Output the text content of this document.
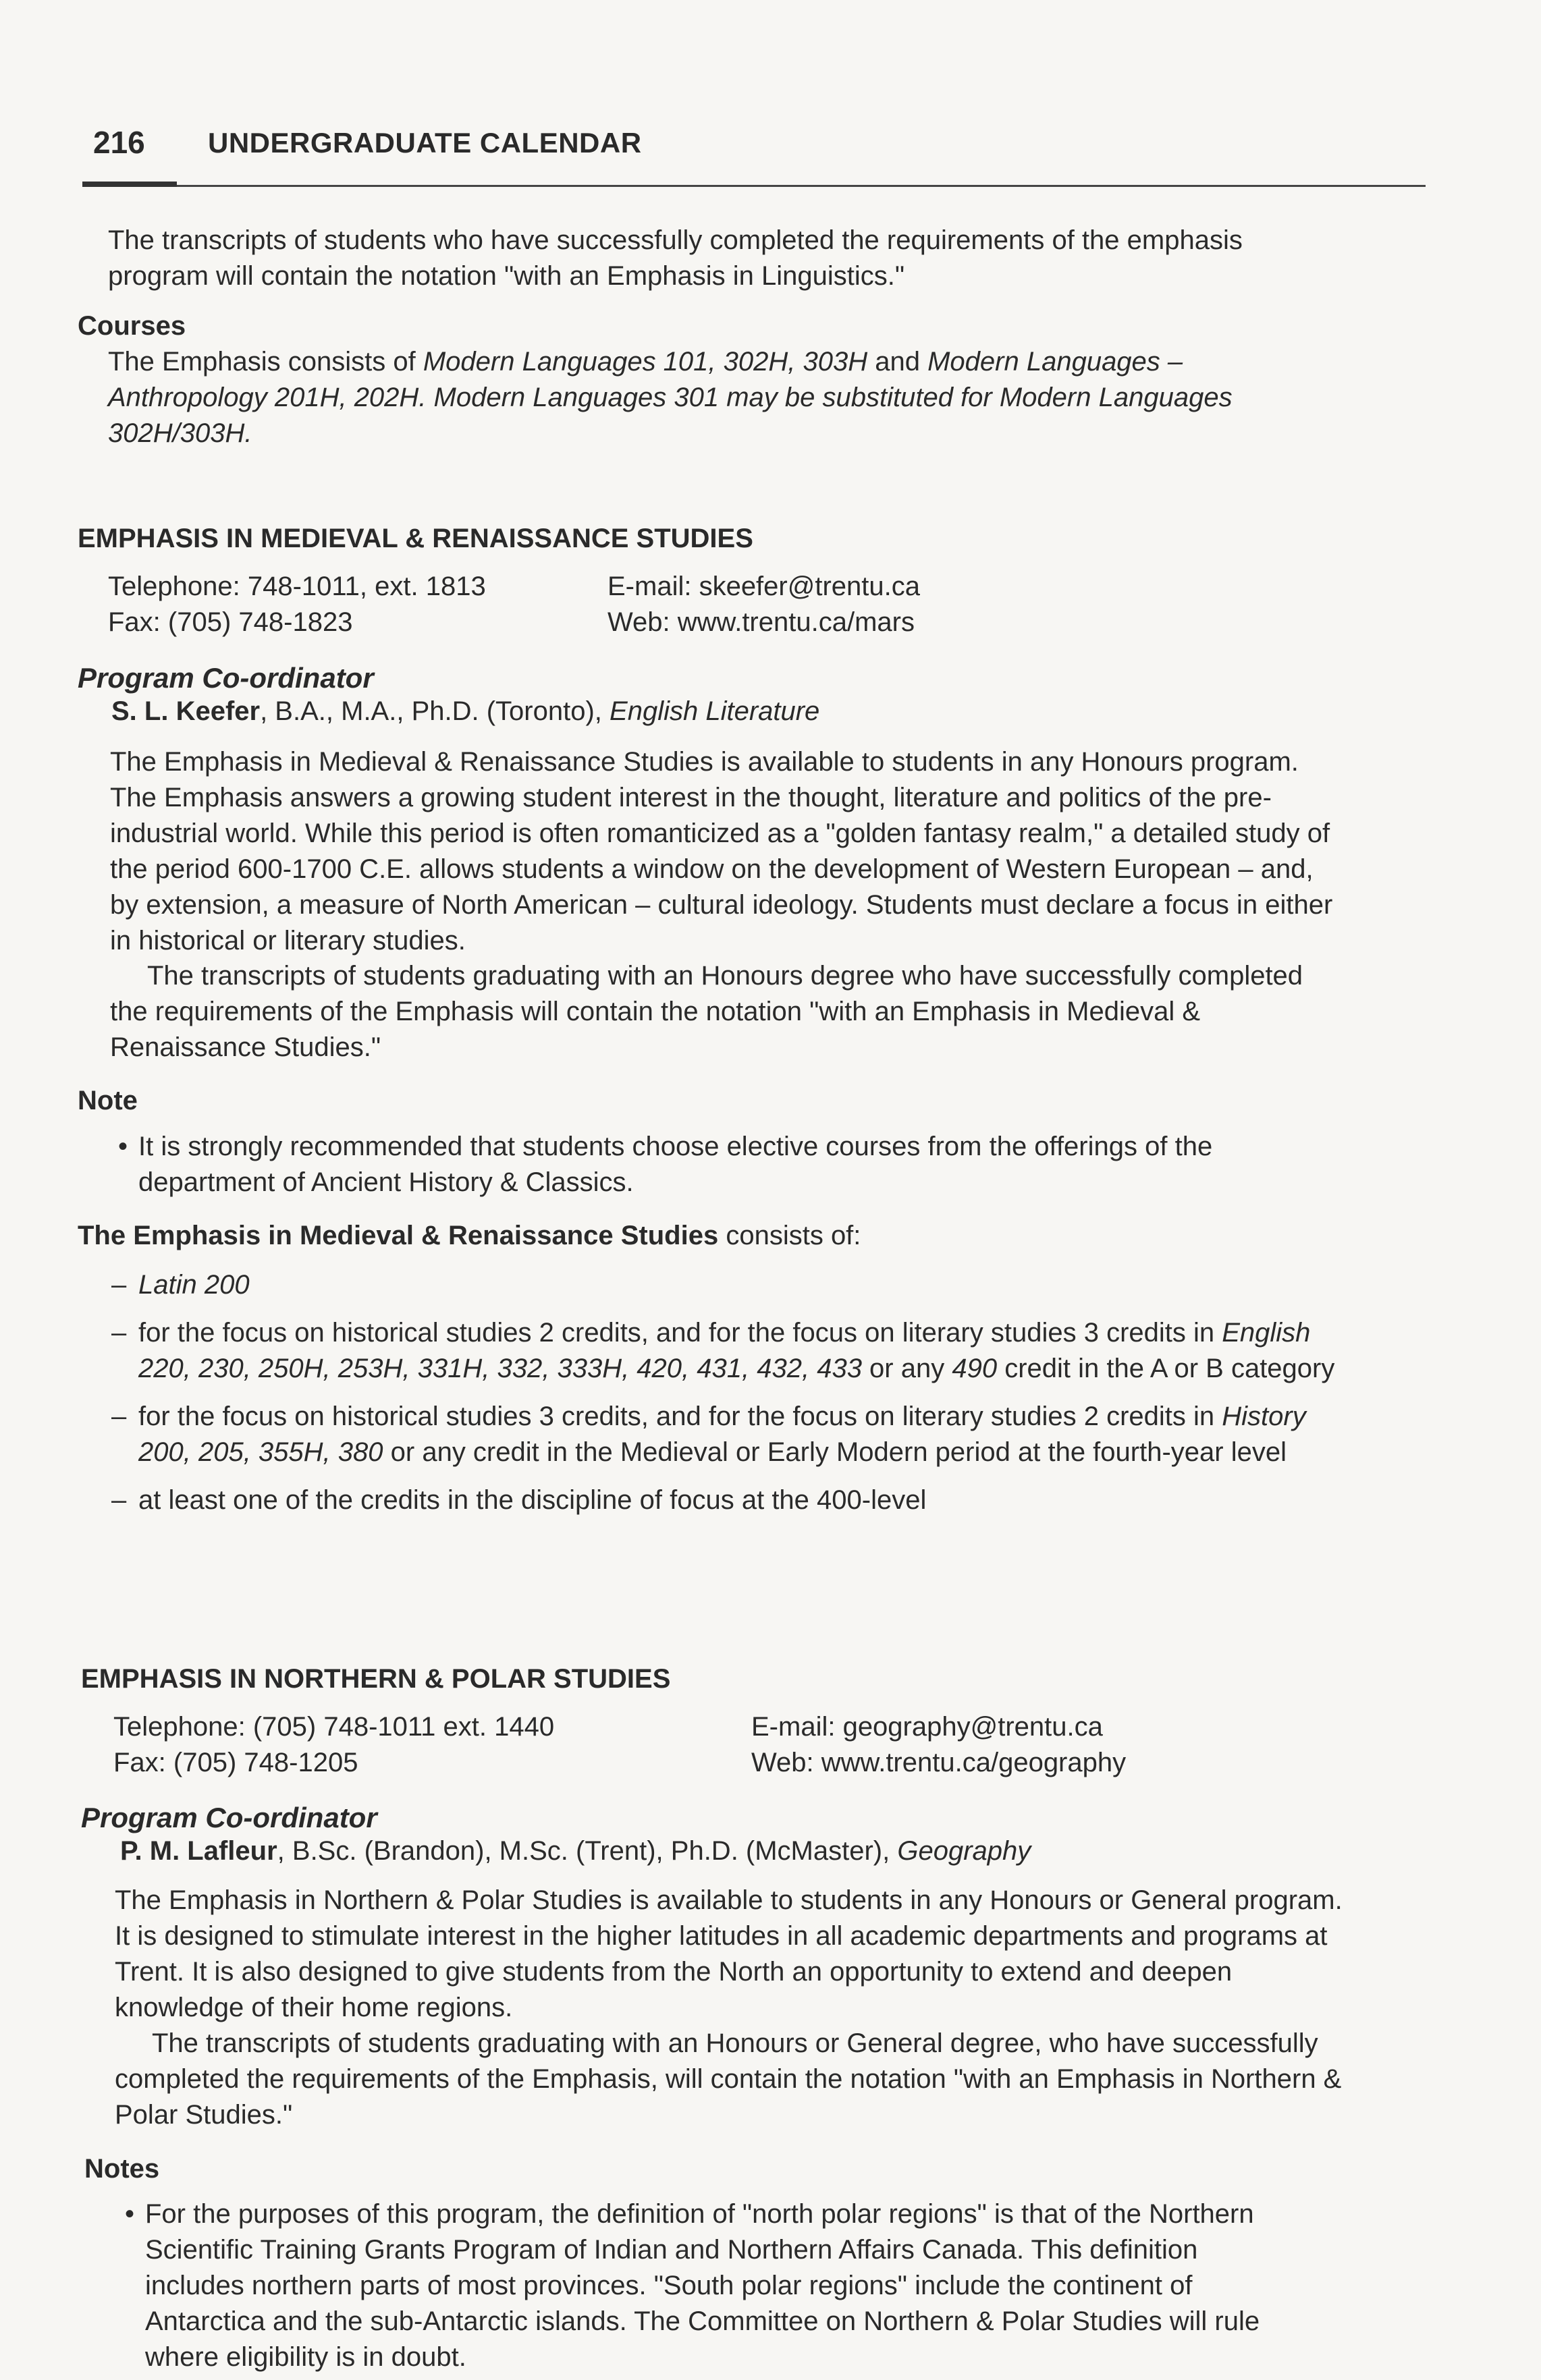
216 UNDERGRADUATE CALENDAR

The transcripts of students who have successfully completed the requirements of the emphasis program will contain the notation "with an Emphasis in Linguistics."

Courses

The Emphasis consists of Modern Languages 101, 302H, 303H and Modern Languages – Anthropology 201H, 202H. Modern Languages 301 may be substituted for Modern Languages 302H/303H.

EMPHASIS IN MEDIEVAL & RENAISSANCE STUDIES

Telephone: 748-1011, ext. 1813

Fax: (705) 748-1823

E-mail: skeefer@trentu.ca

Web: www.trentu.ca/mars

Program Co-ordinator

S. L. Keefer, B.A., M.A., Ph.D. (Toronto), English Literature

The Emphasis in Medieval & Renaissance Studies is available to students in any Honours program. The Emphasis answers a growing student interest in the thought, literature and politics of the pre-industrial world. While this period is often romanticized as a "golden fantasy realm," a detailed study of the period 600-1700 C.E. allows students a window on the development of Western European – and, by extension, a measure of North American – cultural ideology. Students must declare a focus in either in historical or literary studies.

The transcripts of students graduating with an Honours degree who have successfully completed the requirements of the Emphasis will contain the notation "with an Emphasis in Medieval & Renaissance Studies."

Note
• It is strongly recommended that students choose elective courses from the offerings of the department of Ancient History & Classics.

The Emphasis in Medieval & Renaissance Studies consists of:

– Latin 200
– for the focus on historical studies 2 credits, and for the focus on literary studies 3 credits in English 220, 230, 250H, 253H, 331H, 332, 333H, 420, 431, 432, 433 or any 490 credit in the A or B category
– for the focus on historical studies 3 credits, and for the focus on literary studies 2 credits in History 200, 205, 355H, 380 or any credit in the Medieval or Early Modern period at the fourth-year level
– at least one of the credits in the discipline of focus at the 400-level
EMPHASIS IN NORTHERN & POLAR STUDIES

Telephone: (705) 748-1011 ext. 1440

Fax: (705) 748-1205

E-mail: geography@trentu.ca

Web: www.trentu.ca/geography

Program Co-ordinator

P. M. Lafleur, B.Sc. (Brandon), M.Sc. (Trent), Ph.D. (McMaster), Geography

The Emphasis in Northern & Polar Studies is available to students in any Honours or General program. It is designed to stimulate interest in the higher latitudes in all academic departments and programs at Trent. It is also designed to give students from the North an opportunity to extend and deepen knowledge of their home regions.

The transcripts of students graduating with an Honours or General degree, who have successfully completed the requirements of the Emphasis, will contain the notation "with an Emphasis in Northern & Polar Studies."

Notes
• For the purposes of this program, the definition of "north polar regions" is that of the Northern Scientific Training Grants Program of Indian and Northern Affairs Canada. This definition includes northern parts of most provinces. "South polar regions" include the continent of Antarctica and the sub-Antarctic islands. The Committee on Northern & Polar Studies will rule where eligibility is in doubt.
